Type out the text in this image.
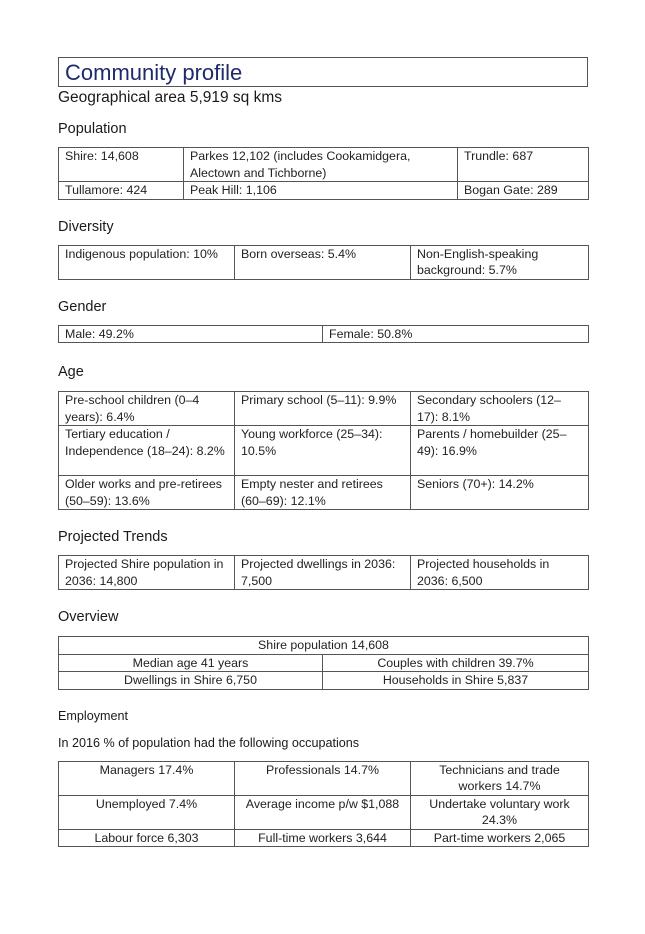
Community profile
Geographical area 5,919 sq kms
Population
Shire: 14,608	Parkes 12,102 (includes Cookamidgera, Alectown and Tichborne)	Trundle: 687
Tullamore: 424	Peak Hill: 1,106	Bogan Gate: 289
Diversity
Indigenous population: 10%	Born overseas: 5.4%	Non-English-speaking background: 5.7%
Gender
Male: 49.2%	Female: 50.8%
Age
Pre-school children (0–4 years): 6.4%	Primary school (5–11): 9.9%	Secondary schoolers (12–17): 8.1%
Tertiary education / Independence (18–24): 8.2%	Young workforce (25–34): 10.5%	Parents / homebuilder (25–49): 16.9%
Older works and pre-retirees (50–59): 13.6%	Empty nester and retirees (60–69): 12.1%	Seniors (70+): 14.2%
Projected Trends
Projected Shire population in 2036: 14,800	Projected dwellings in 2036: 7,500	Projected households in 2036: 6,500
Overview
Shire population 14,608	
Median age 41 years	Couples with children 39.7%
Dwellings in Shire 6,750	Households in Shire 5,837
Employment
In 2016 % of population had the following occupations
Managers 17.4%	Professionals 14.7%	Technicians and trade workers 14.7%
Unemployed 7.4%	Average income p/w $1,088	Undertake voluntary work 24.3%
Labour force 6,303	Full-time workers 3,644	Part-time workers 2,065
